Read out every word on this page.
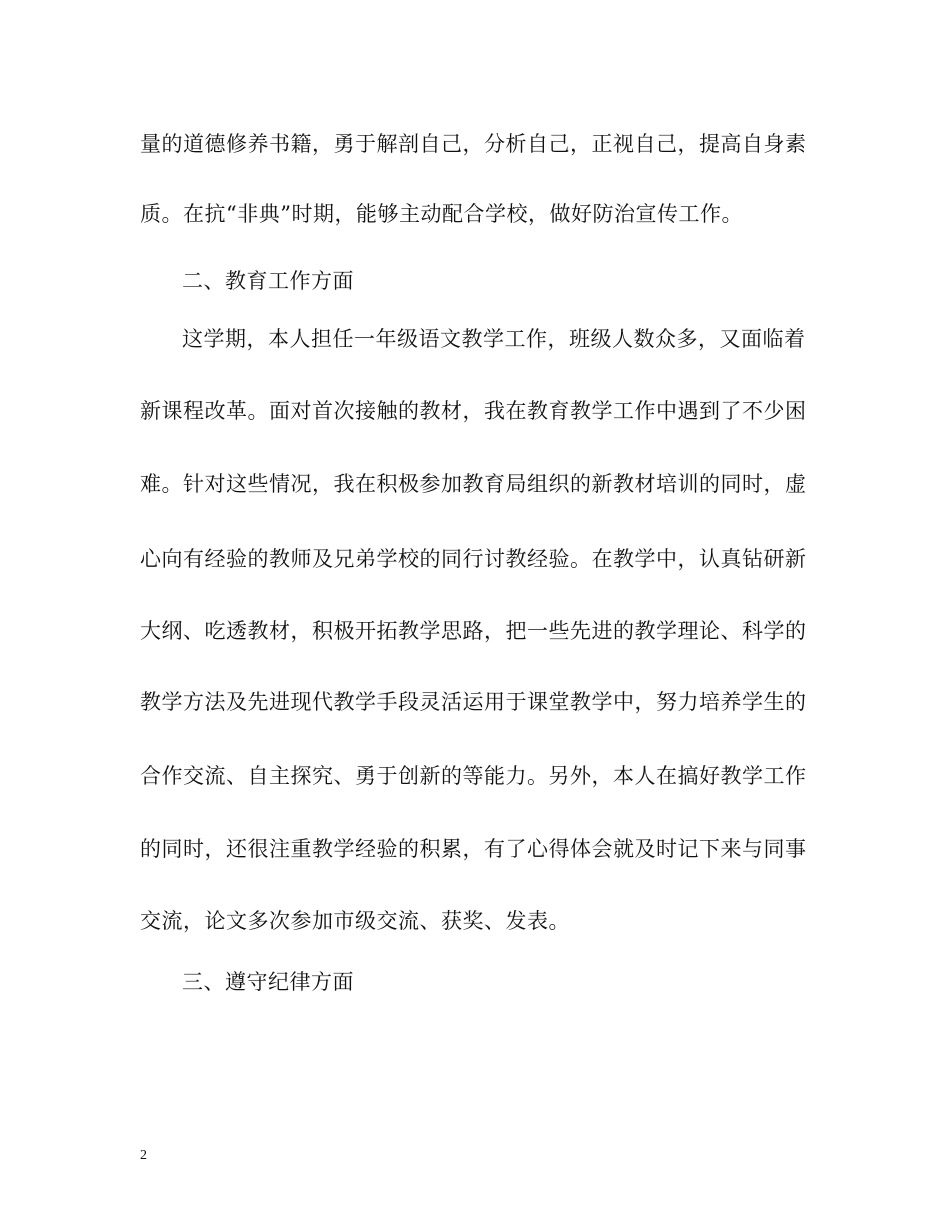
量的道德修养书籍，勇于解剖自己，分析自己，正视自己，提高自身素
质。在抗“非典”时期，能够主动配合学校，做好防治宣传工作。
二、教育工作方面
这学期，本人担任一年级语文教学工作，班级人数众多，又面临着
新课程改革。面对首次接触的教材，我在教育教学工作中遇到了不少困
难。针对这些情况，我在积极参加教育局组织的新教材培训的同时，虚
心向有经验的教师及兄弟学校的同行讨教经验。在教学中，认真钻研新
大纲、吃透教材，积极开拓教学思路，把一些先进的教学理论、科学的
教学方法及先进现代教学手段灵活运用于课堂教学中，努力培养学生的
合作交流、自主探究、勇于创新的等能力。另外，本人在搞好教学工作
的同时，还很注重教学经验的积累，有了心得体会就及时记下来与同事
交流，论文多次参加市级交流、获奖、发表。
三、遵守纪律方面
2
